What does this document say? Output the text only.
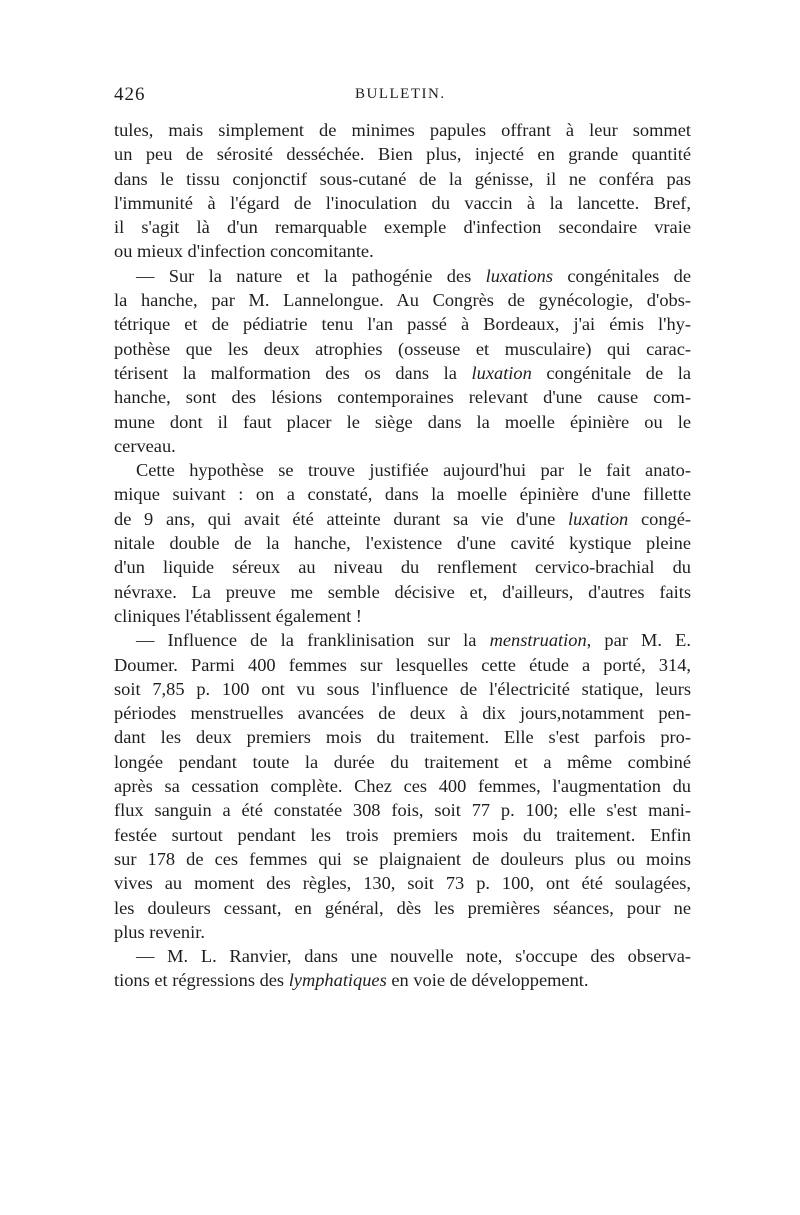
426	BULLETIN.
tules, mais simplement de minimes papules offrant à leur sommet
un peu de sérosité desséchée. Bien plus, injecté en grande quantité
dans le tissu conjonctif sous-cutané de la génisse, il ne conféra pas
l'immunité à l'égard de l'inoculation du vaccin à la lancette. Bref,
il s'agit là d'un remarquable exemple d'infection secondaire vraie
ou mieux d'infection concomitante.
— Sur la nature et la pathogénie des luxations congénitales de
la hanche, par M. Lannelongue. Au Congrès de gynécologie, d'obs-
tétrique et de pédiatrie tenu l'an passé à Bordeaux, j'ai émis l'hy-
pothèse que les deux atrophies (osseuse et musculaire) qui carac-
térisent la malformation des os dans la luxation congénitale de la
hanche, sont des lésions contemporaines relevant d'une cause com-
mune dont il faut placer le siège dans la moelle épinière ou le
cerveau.
Cette hypothèse se trouve justifiée aujourd'hui par le fait anato-
mique suivant : on a constaté, dans la moelle épinière d'une fillette
de 9 ans, qui avait été atteinte durant sa vie d'une luxation congé-
nitale double de la hanche, l'existence d'une cavité kystique pleine
d'un liquide séreux au niveau du renflement cervico-brachial du
névraxe. La preuve me semble décisive et, d'ailleurs, d'autres faits
cliniques l'établissent également !
— Influence de la franklinisation sur la menstruation, par M. E.
Doumer. Parmi 400 femmes sur lesquelles cette étude a porté, 314,
soit 7,85 p. 100 ont vu sous l'influence de l'électricité statique, leurs
périodes menstruelles avancées de deux à dix jours,notamment pen-
dant les deux premiers mois du traitement. Elle s'est parfois pro-
longée pendant toute la durée du traitement et a même combiné
après sa cessation complète. Chez ces 400 femmes, l'augmentation du
flux sanguin a été constatée 308 fois, soit 77 p. 100; elle s'est mani-
festée surtout pendant les trois premiers mois du traitement. Enfin
sur 178 de ces femmes qui se plaignaient de douleurs plus ou moins
vives au moment des règles, 130, soit 73 p. 100, ont été soulagées,
les douleurs cessant, en général, dès les premières séances, pour ne
plus revenir.
— M. L. Ranvier, dans une nouvelle note, s'occupe des observa-
tions et régressions des lymphatiques en voie de développement.
